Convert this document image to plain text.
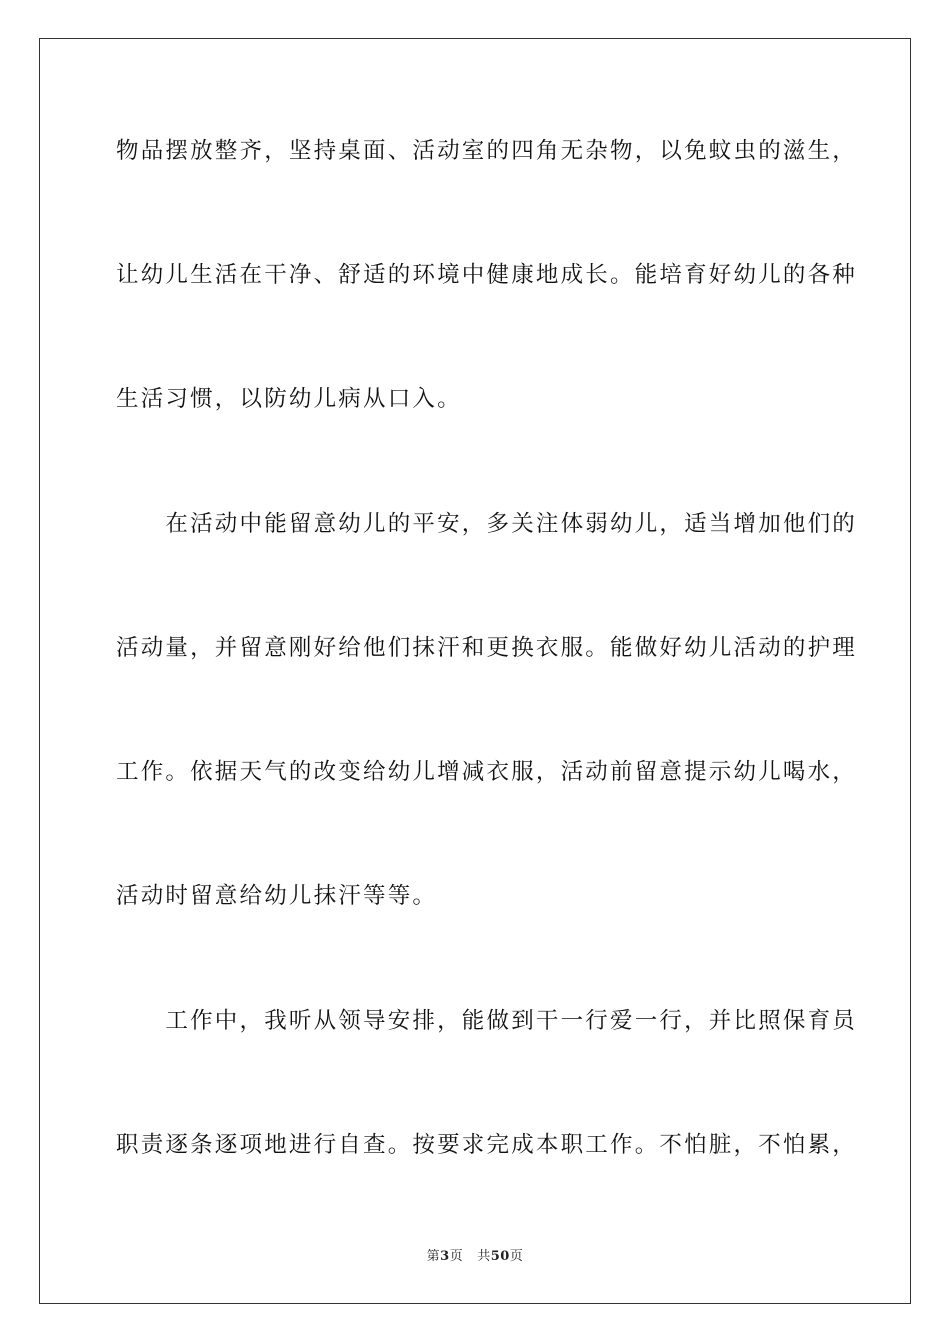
物品摆放整齐，坚持桌面、活动室的四角无杂物，以免蚊虫的滋生，
让幼儿生活在干净、舒适的环境中健康地成长。能培育好幼儿的各种
生活习惯，以防幼儿病从口入。
　　在活动中能留意幼儿的平安，多关注体弱幼儿，适当增加他们的
活动量，并留意刚好给他们抹汗和更换衣服。能做好幼儿活动的护理
工作。依据天气的改变给幼儿增减衣服，活动前留意提示幼儿喝水，
活动时留意给幼儿抹汗等等。
　　工作中，我听从领导安排，能做到干一行爱一行，并比照保育员
职责逐条逐项地进行自查。按要求完成本职工作。不怕脏，不怕累，
第3页 共50页
